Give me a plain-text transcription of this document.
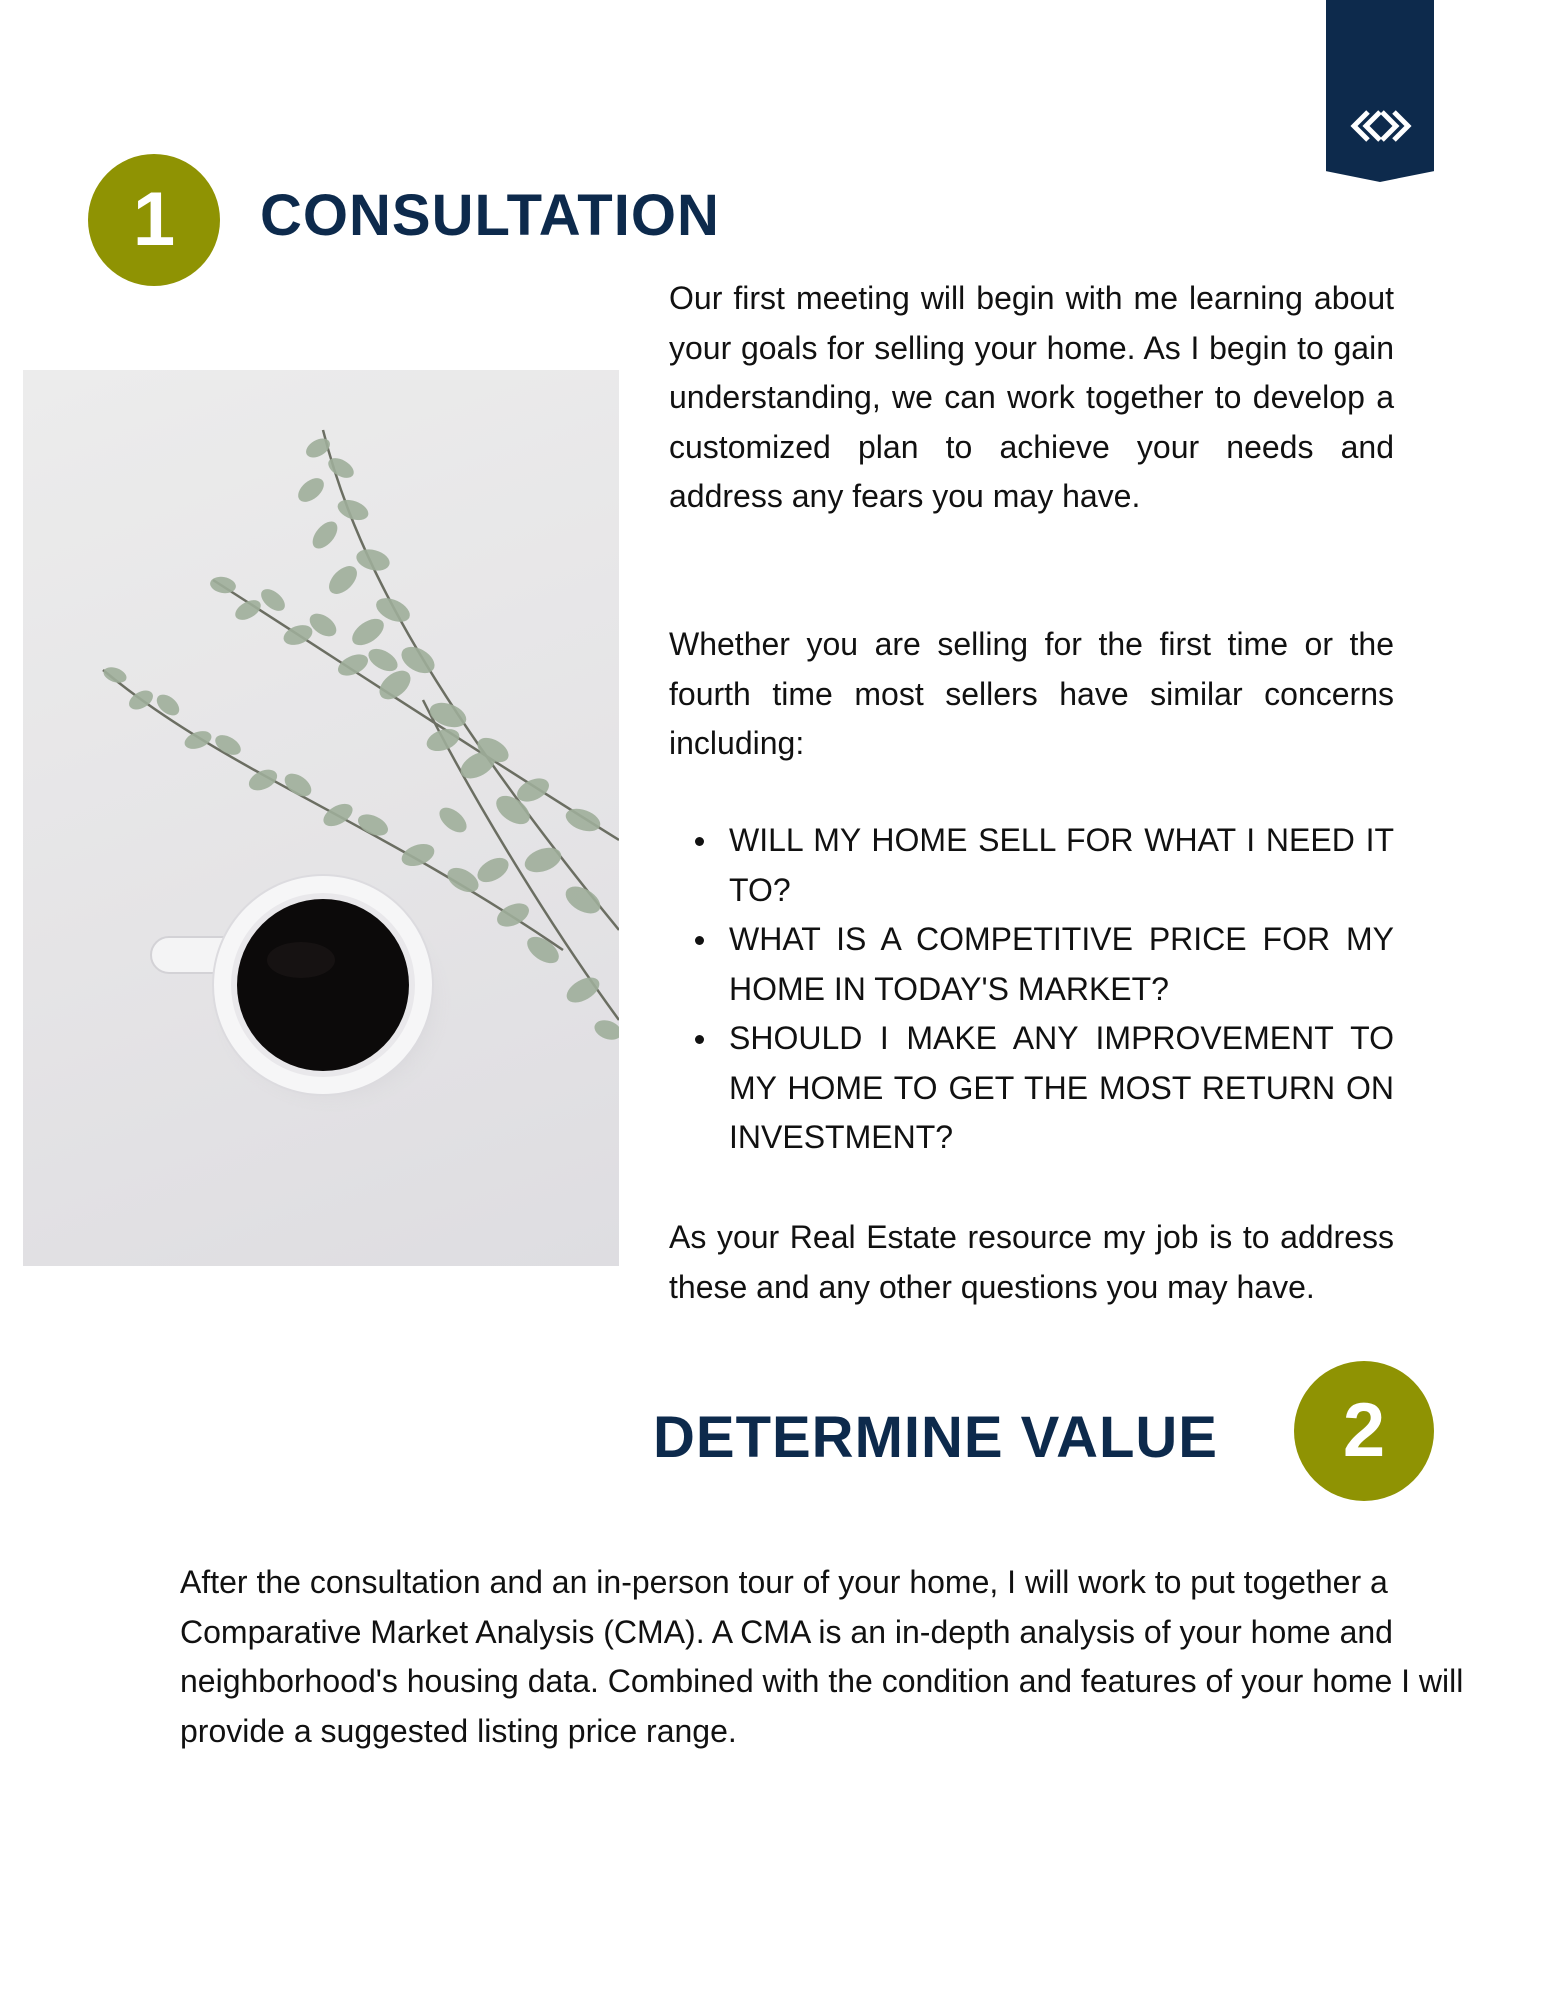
1	CONSULTATION

Our first meeting will begin with me learning about your goals for selling your home. As I begin to gain understanding, we can work together to develop a customized plan to achieve your needs and address any fears you may have.

Whether you are selling for the first time or the fourth time most sellers have similar concerns including:

WILL MY HOME SELL FOR WHAT I NEED IT TO?
WHAT IS A COMPETITIVE PRICE FOR MY HOME IN TODAY'S MARKET?
SHOULD I MAKE ANY IMPROVEMENT TO MY HOME TO GET THE MOST RETURN ON INVESTMENT?

As your Real Estate resource my job is to address these and any other questions you may have.

DETERMINE VALUE	2

After the consultation and an in-person tour of your home, I will work to put together a Comparative Market Analysis (CMA). A CMA is an in-depth analysis of your home and neighborhood's housing data. Combined with the condition and features of your home I will provide a suggested listing price range.
